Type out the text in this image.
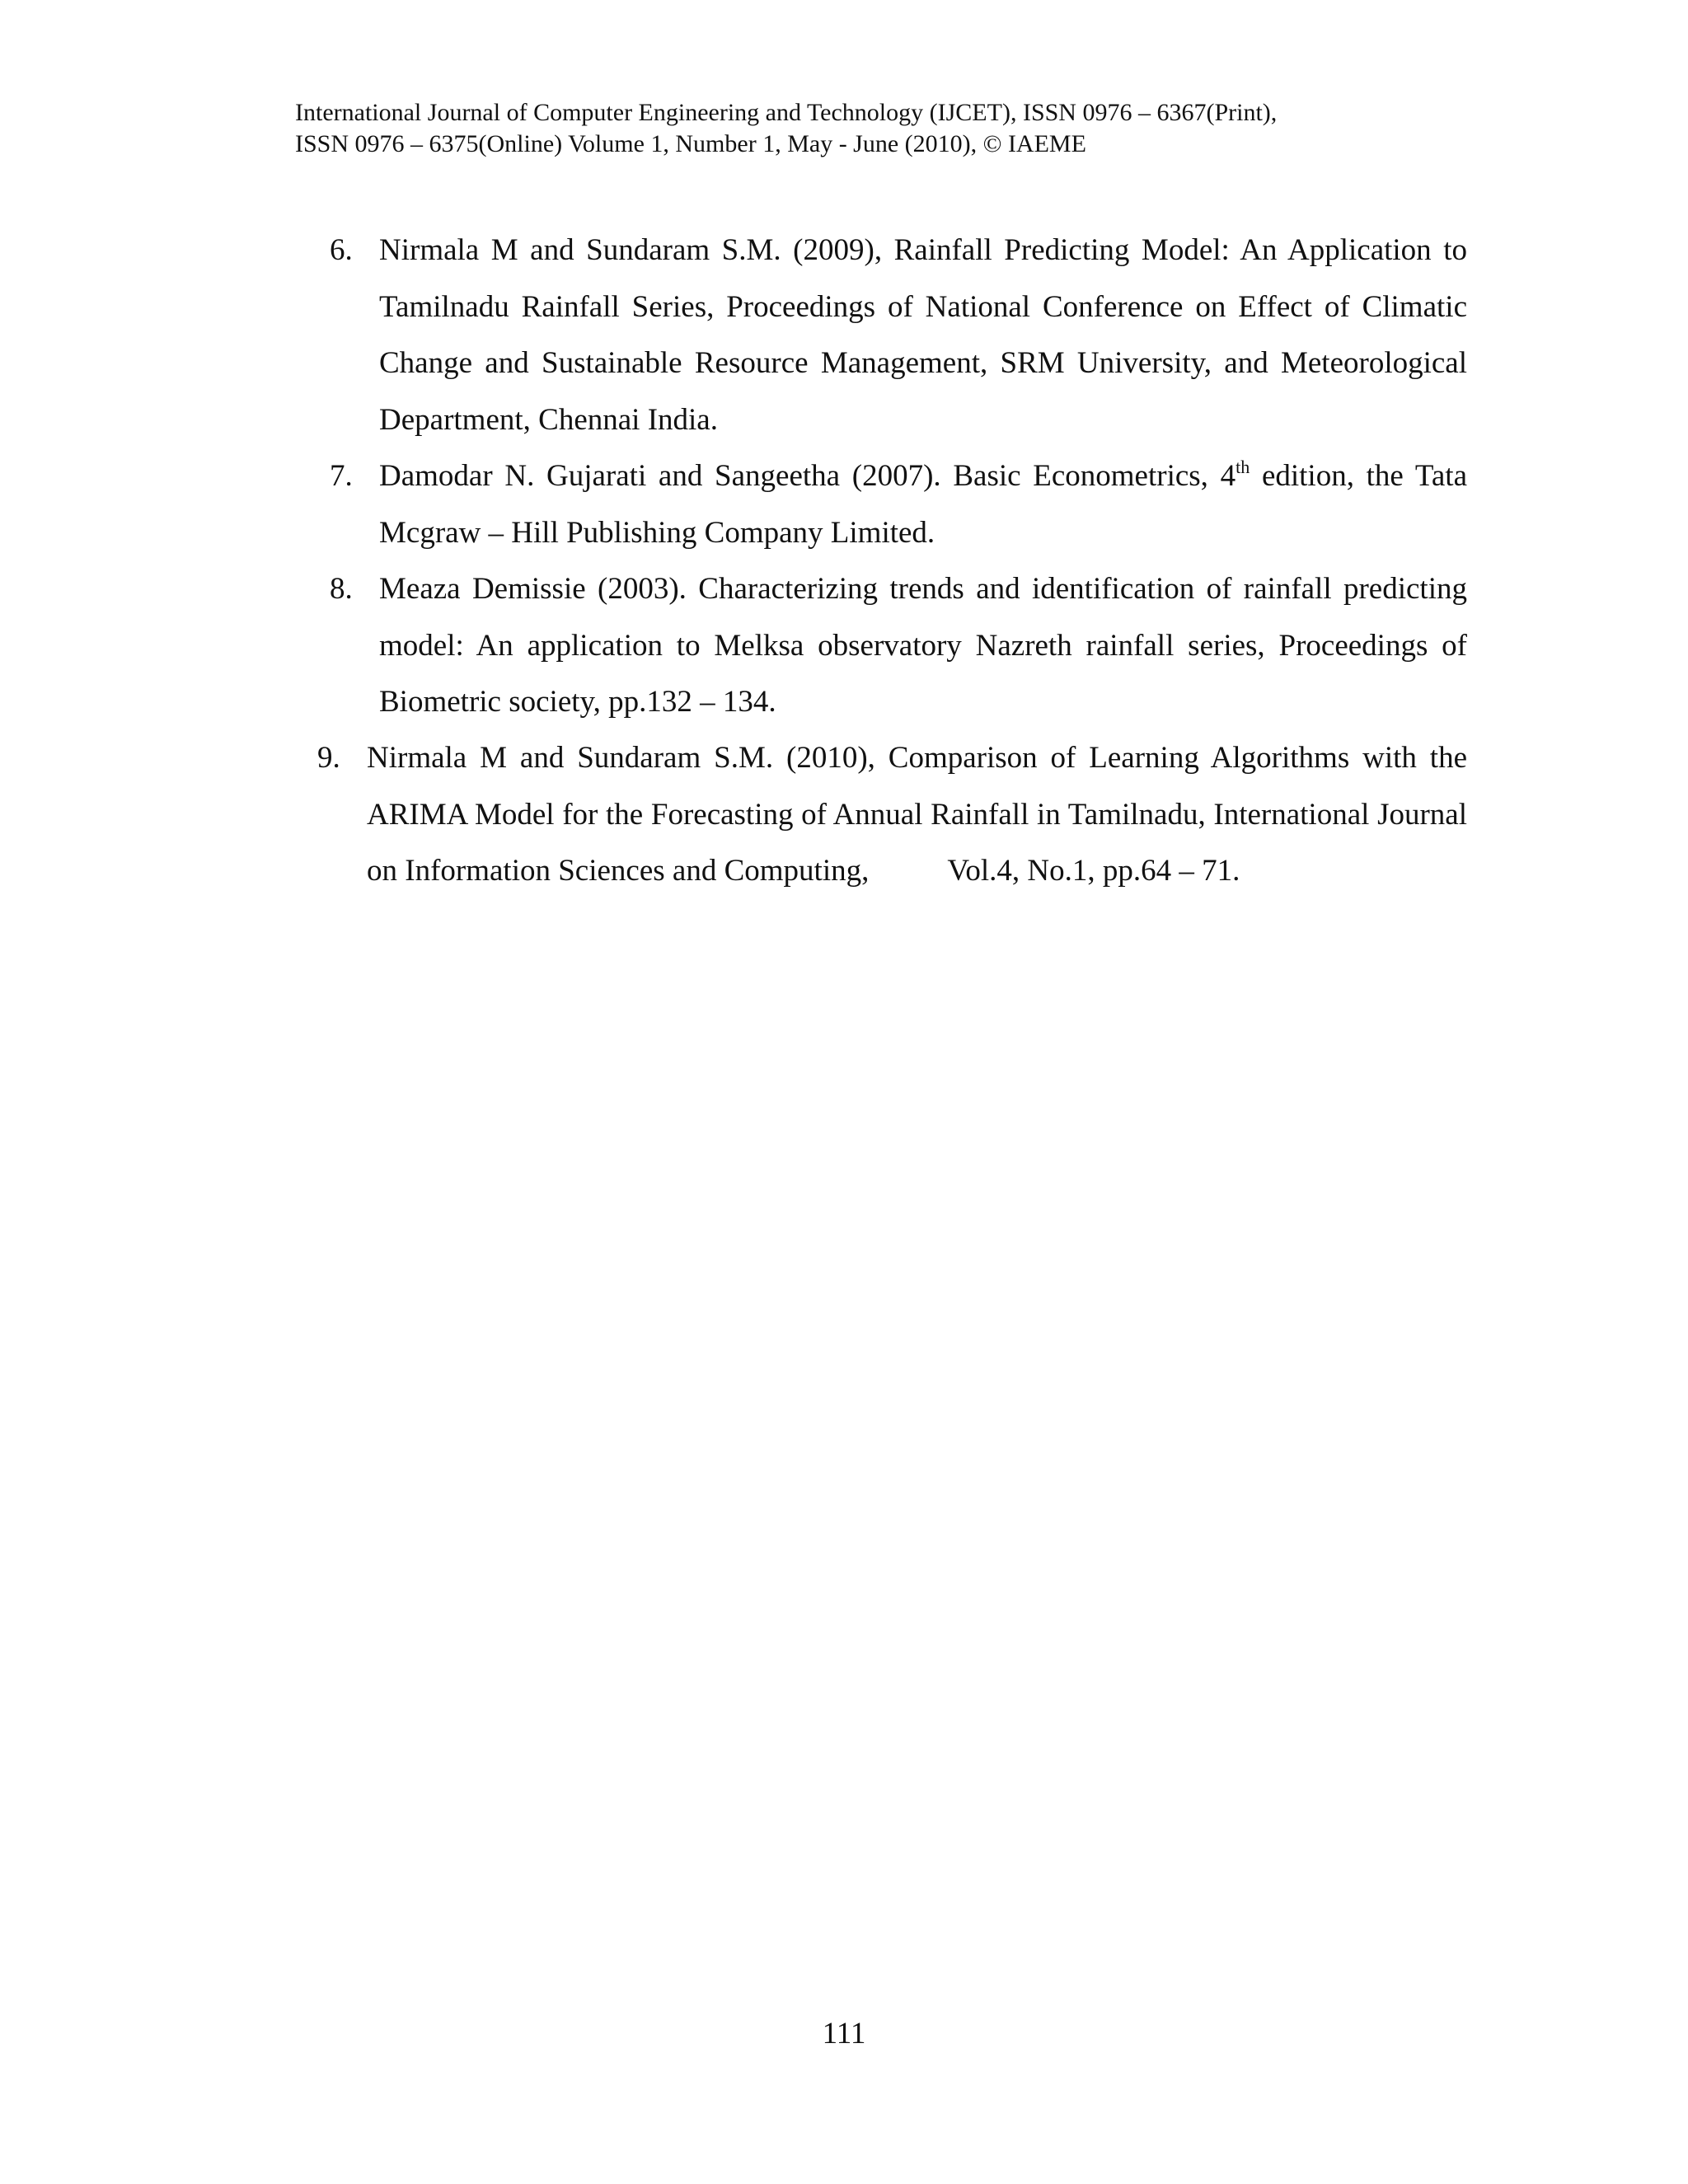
International Journal of Computer Engineering and Technology (IJCET), ISSN 0976 – 6367(Print),
ISSN 0976 – 6375(Online) Volume 1, Number 1, May - June (2010), © IAEME
6. Nirmala M and Sundaram S.M. (2009), Rainfall Predicting Model: An Application to Tamilnadu Rainfall Series, Proceedings of National Conference on Effect of Climatic Change and Sustainable Resource Management, SRM University, and Meteorological Department, Chennai India.
7. Damodar N. Gujarati and Sangeetha (2007). Basic Econometrics, 4th edition, the Tata Mcgraw – Hill Publishing Company Limited.
8. Meaza Demissie (2003). Characterizing trends and identification of rainfall predicting model: An application to Melksa observatory Nazreth rainfall series, Proceedings of Biometric society, pp.132 – 134.
9. Nirmala M and Sundaram S.M. (2010), Comparison of Learning Algorithms with the ARIMA Model for the Forecasting of Annual Rainfall in Tamilnadu, International Journal on Information Sciences and Computing,	Vol.4, No.1, pp.64 – 71.
111
